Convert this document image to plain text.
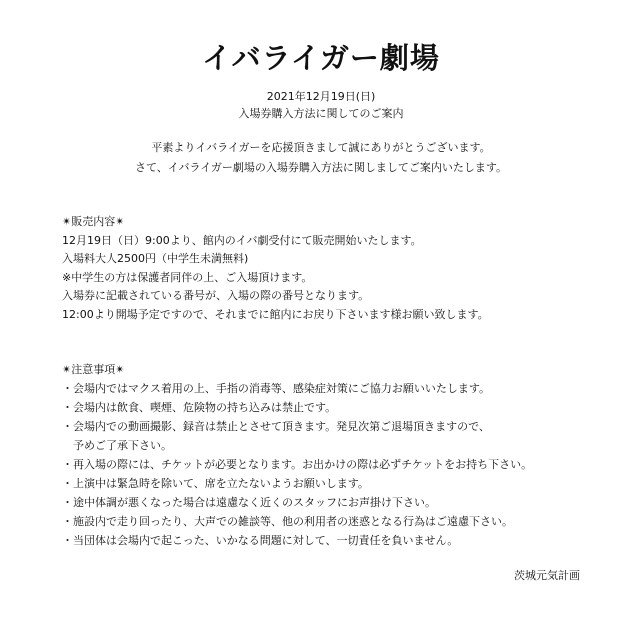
イバライガー劇場
2021年12月19日(日)
入場券購入方法に関してのご案内
平素よりイバライガーを応援頂きまして誠にありがとうございます。
さて、イバライガー劇場の入場券購入方法に関しましてご案内いたします。
✴︎販売内容✴︎
12月19日（日）9:00より、館内のイバ劇受付にて販売開始いたします。
入場料大人2500円（中学生未満無料)
※中学生の方は保護者同伴の上、ご入場頂けます。
入場券に記載されている番号が、入場の際の番号となります。
12:00より開場予定ですので、それまでに館内にお戻り下さいます様お願い致します。
✴︎注意事項✴︎
・会場内ではマクス着用の上、手指の消毒等、感染症対策にご協力お願いいたします。
・会場内は飲食、喫煙、危険物の持ち込みは禁止です。
・会場内での動画撮影、録音は禁止とさせて頂きます。発見次第ご退場頂きますので、
予めご了承下さい。
・再入場の際には、チケットが必要となります。お出かけの際は必ずチケットをお持ち下さい。
・上演中は緊急時を除いて、席を立たないようお願いします。
・途中体調が悪くなった場合は遠慮なく近くのスタッフにお声掛け下さい。
・施設内で走り回ったり、大声での雑談等、他の利用者の迷惑となる行為はご遠慮下さい。
・当団体は会場内で起こった、いかなる問題に対して、一切責任を負いません。
茨城元気計画
